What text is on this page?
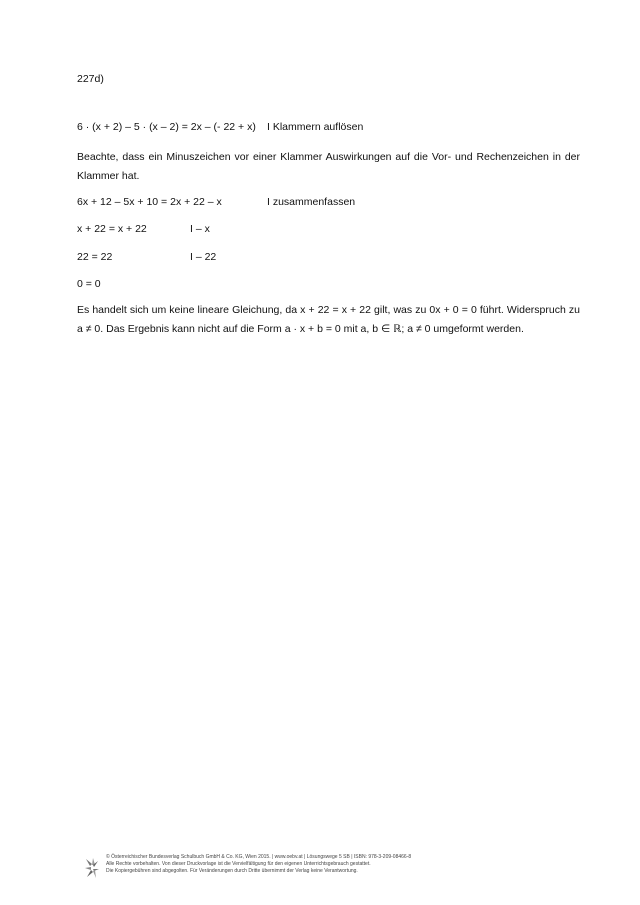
227d)
6 · (x + 2) – 5 · (x – 2) = 2x – (- 22 + x) I Klammern auflösen
Beachte, dass ein Minuszeichen vor einer Klammer Auswirkungen auf die Vor- und Rechenzeichen in der Klammer hat.
6x + 12 – 5x + 10 = 2x + 22 – x	I zusammenfassen
x + 22 = x + 22	I – x
22 = 22	I – 22
0 = 0
Es handelt sich um keine lineare Gleichung, da x + 22 = x + 22 gilt, was zu 0x + 0 = 0 führt. Widerspruch zu a ≠ 0. Das Ergebnis kann nicht auf die Form a · x + b = 0 mit a, b ∈ ℝ; a ≠ 0 umgeformt werden.
© Österreichischer Bundesverlag Schulbuch GmbH & Co. KG, Wien 2015. | www.oebv.at | Lösungswege 5 SB | ISBN: 978-3-209-08466-8
Alle Rechte vorbehalten. Von dieser Druckvorlage ist die Vervielfältigung für den eigenen Unterrichtsgebrauch gestattet.
Die Kopiergebühren sind abgegolten. Für Veränderungen durch Dritte übernimmt der Verlag keine Verantwortung.
